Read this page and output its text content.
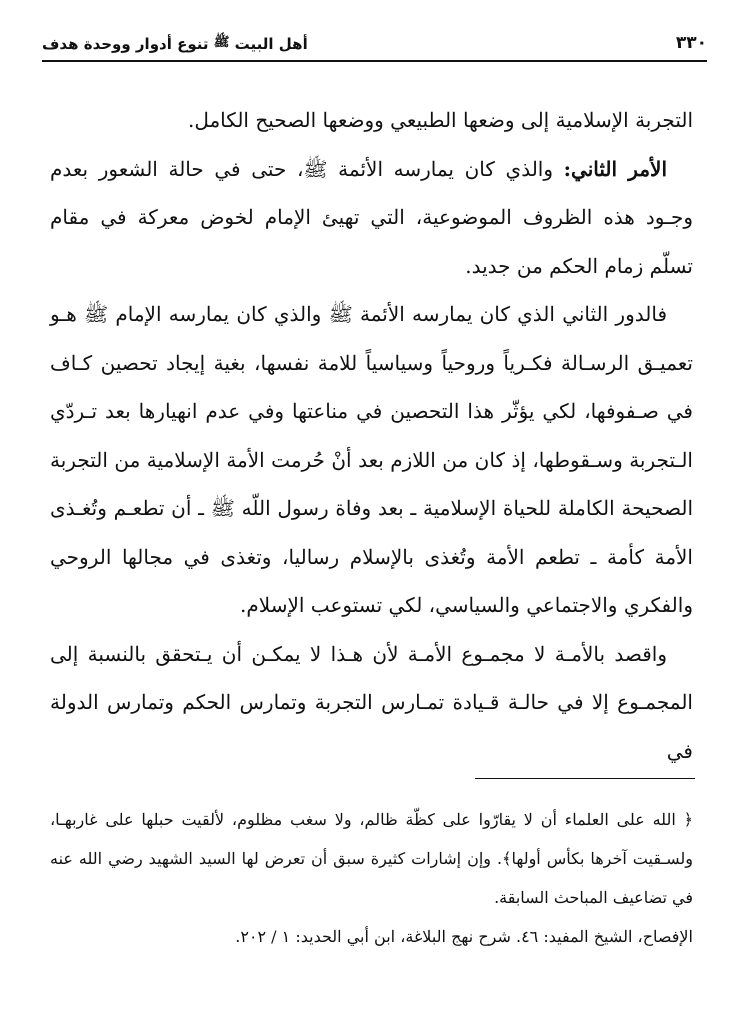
٣٣٠
أهل البيت ﷺ تنوع أدوار ووحدة هدف

التجربة الإسلامية إلى وضعها الطبيعي ووضعها الصحيح الكامل.

الأمر الثاني: والذي كان يمارسه الأئمة ﷺ، حتى في حالة الشعور بعدم وجـود هذه الظروف الموضوعية، التي تهيئ الإمام لخوض معركة في مقام تسلّم زمام الحكم من جديد.

فالدور الثاني الذي كان يمارسه الأئمة ﷺ والذي كان يمارسه الإمام ﷺ هـو تعميـق الرسـالة فكـرياً وروحياً وسياسياً للامة نفسها، بغية إيجاد تحصين كـاف في صـفوفها، لكي يؤثّر هذا التحصين في مناعتها وفي عدم انهيارها بعد تـردّي الـتجربة وسـقوطها، إذ كان من اللازم بعد أنْ حُرمت الأمة الإسلامية من التجربة الصحيحة الكاملة للحياة الإسلامية ـ بعد وفاة رسول اللّه ﷺ ـ أن تطعـم وتُغـذى الأمة كأمة ـ تطعم الأمة وتُغذى بالإسلام رساليا، وتغذى في مجالها الروحي والفكري والاجتماعي والسياسي، لكي تستوعب الإسلام.

واقصد بالأمـة لا مجمـوع الأمـة لأن هـذا لا يمكـن أن يـتحقق بالنسبة إلى المجمـوع إلا في حالـة قـيادة تمـارس التجربة وتمارس الحكم وتمارس الدولة في

﴿ الله على العلماء أن لا يقارّوا على كظّة ظالم، ولا سغب مظلوم، لألقيت حبلها على غاربهـا، ولسـقيت آخرها بكأس أولها﴾. وإن إشارات كثيرة سبق أن تعرض لها السيد الشهيد رضي الله عنه في تضاعيف المباحث السابقة.

الإفصاح، الشيخ المفيد: ٤٦. شرح نهج البلاغة، ابن أبي الحديد: ١ / ٢٠٢.
